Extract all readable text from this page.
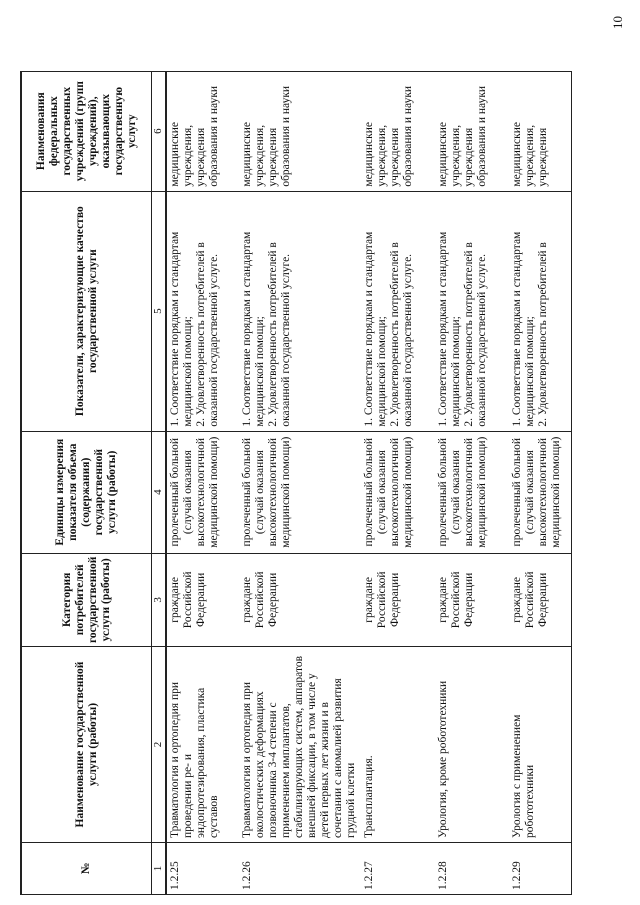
№	Наименование государственной услуги (работы)	Категория потребителей государственной услуги (работы)	Единицы измерения показателя объема (содержания) государственной услуги (работы)	Показатели, характеризующие качество государственной услуги	Наименования федеральных государственных учреждений (групп учреждений), оказывающих государственную услугу
1	2	3	4	5	6
1.2.25	Травматология и ортопедия при проведении ре- и эндопротезирования, пластика суставов	граждане Российской Федерации	пролеченный больной (случай оказания высокотехнологичной медицинской помощи)	1. Соответствие порядкам и стандартам медицинской помощи; 2. Удовлетворенность потребителей в оказанной государственной услуге.	медицинские учреждения, учреждения образования и науки
1.2.26	Травматология и ортопедия при околостических деформациях позвоночника 3-4 степени с применением имплантатов, стабилизирующих систем, аппаратов внешней фиксации, в том числе у детей первых лет жизни и в сочетании с аномалией развития грудной клетки	граждане Российской Федерации	пролеченный больной (случай оказания высокотехнологичной медицинской помощи)	1. Соответствие порядкам и стандартам медицинской помощи; 2. Удовлетворенность потребителей в оказанной государственной услуге.	медицинские учреждения, учреждения образования и науки
1.2.27	Трансплантация.	граждане Российской Федерации	пролеченный больной (случай оказания высокотехнологичной медицинской помощи)	1. Соответствие порядкам и стандартам медицинской помощи; 2. Удовлетворенность потребителей в оказанной государственной услуге.	медицинские учреждения, учреждения образования и науки
1.2.28	Урология, кроме робототехники	граждане Российской Федерации	пролеченный больной (случай оказания высокотехнологичной медицинской помощи)	1. Соответствие порядкам и стандартам медицинской помощи; 2. Удовлетворенность потребителей в оказанной государственной услуге.	медицинские учреждения, учреждения образования и науки
1.2.29	Урология с применением робототехники	граждане Российской Федерации	пролеченный больной (случай оказания высокотехнологичной медицинской помощи)	1. Соответствие порядкам и стандартам медицинской помощи; 2. Удовлетворенность потребителей в	медицинские учреждения, учреждения
10
